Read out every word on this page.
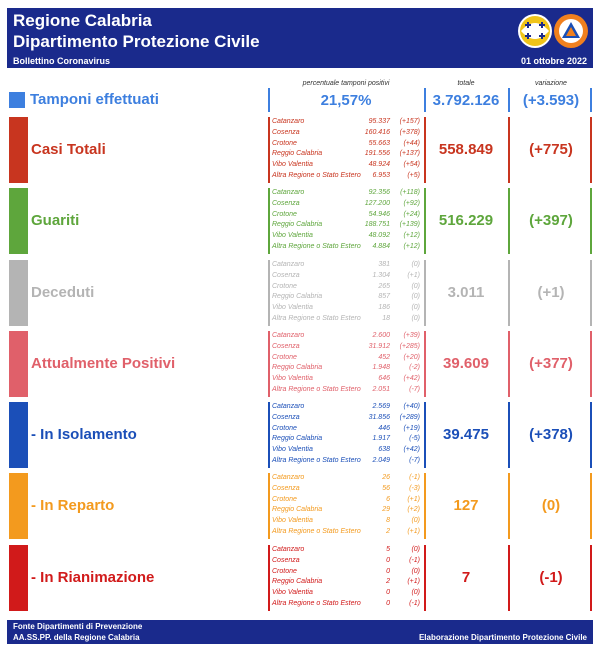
Regione Calabria
Dipartimento Protezione Civile
Bollettino Coronavirus	01 ottobre 2022
percentuale tamponi positivi	totale	variazione
Tamponi effettuati	21,57%	3.792.126	(+3.593)
Casi Totali
Catanzaro	95.337 (+157)
Cosenza	160.416 (+378)
Crotone	55.663 (+44)
Reggio Calabria	191.556 (+137)
Vibo Valentia	48.924 (+54)
Altra Regione o Stato Estero 6.953 (+5)
558.849	(+775)
Guariti
Catanzaro	92.356 (+118)
Cosenza	127.200 (+92)
Crotone	54.946 (+24)
Reggio Calabria	188.751 (+139)
Vibo Valentia	48.092 (+12)
Altra Regione o Stato Estero 4.884 (+12)
516.229	(+397)
Deceduti
Catanzaro	381	(0)
Cosenza	1.304 (+1)
Crotone	265	(0)
Reggio Calabria	857	(0)
Vibo Valentia	186	(0)
Altra Regione o Stato Estero	18	(0)
3.011	(+1)
Attualmente Positivi
Catanzaro	2.600 (+39)
Cosenza	31.912 (+285)
Crotone	452 (+20)
Reggio Calabria	1.948	(-2)
Vibo Valentia	646 (+42)
Altra Regione o Stato Estero 2.051	(-7)
39.609	(+377)
- In Isolamento
Catanzaro	2.569 (+40)
Cosenza	31.856 (+289)
Crotone	446 (+19)
Reggio Calabria	1.917	(-5)
Vibo Valentia	638 (+42)
Altra Regione o Stato Estero 2.049	(-7)
39.475	(+378)
- In Reparto
Catanzaro	26	(-1)
Cosenza	56	(-3)
Crotone	6 (+1)
Reggio Calabria	29 (+2)
Vibo Valentia	8	(0)
Altra Regione o Stato Estero	2 (+1)
127	(0)
- In Rianimazione
Catanzaro	5	(0)
Cosenza	0	(-1)
Crotone	0	(0)
Reggio Calabria	2 (+1)
Vibo Valentia	0	(0)
Altra Regione o Stato Estero	0	(-1)
7	(-1)
Fonte Dipartimenti di Prevenzione
AA.SS.PP. della Regione Calabria	Elaborazione Dipartimento Protezione Civile
